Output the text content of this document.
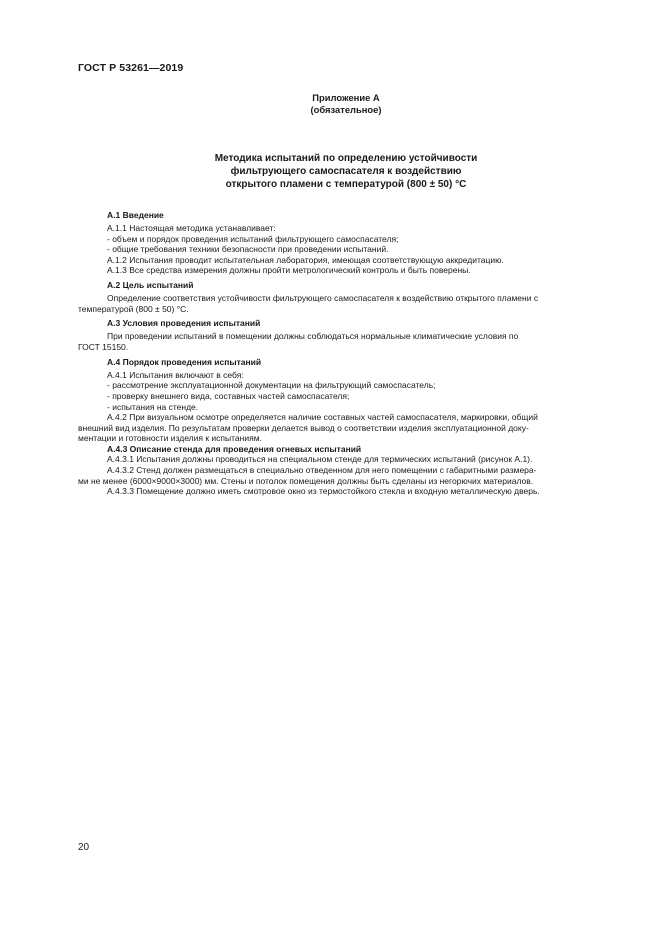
ГОСТ Р 53261—2019
Приложение А
(обязательное)
Методика испытаний по определению устойчивости
фильтрующего самоспасателя к воздействию
открытого пламени с температурой (800 ± 50) °С
А.1 Введение
А.1.1 Настоящая методика устанавливает:
- объем и порядок проведения испытаний фильтрующего самоспасателя;
- общие требования техники безопасности при проведении испытаний.
А.1.2 Испытания проводит испытательная лаборатория, имеющая соответствующую аккредитацию.
А.1.3 Все средства измерения должны пройти метрологический контроль и быть поверены.
А.2 Цель испытаний
Определение соответствия устойчивости фильтрующего самоспасателя к воздействию открытого пламени с
температурой (800 ± 50) °С.
А.3 Условия проведения испытаний
При проведении испытаний в помещении должны соблюдаться нормальные климатические условия по
ГОСТ 15150.
А.4 Порядок проведения испытаний
А.4.1 Испытания включают в себя:
- рассмотрение эксплуатационной документации на фильтрующий самоспасатель;
- проверку внешнего вида, составных частей самоспасателя;
- испытания на стенде.
А.4.2 При визуальном осмотре определяется наличие составных частей самоспасателя, маркировки, общий
внешний вид изделия. По результатам проверки делается вывод о соответствии изделия эксплуатационной доку-
ментации и готовности изделия к испытаниям.
А.4.3 Описание стенда для проведения огневых испытаний
А.4.3.1 Испытания должны проводиться на специальном стенде для термических испытаний (рисунок А.1).
А.4.3.2 Стенд должен размещаться в специально отведенном для него помещении с габаритными размера-
ми не менее (6000×9000×3000) мм. Стены и потолок помещения должны быть сделаны из негорючих материалов.
А.4.3.3 Помещение должно иметь смотровое окно из термостойкого стекла и входную металлическую дверь.
20
